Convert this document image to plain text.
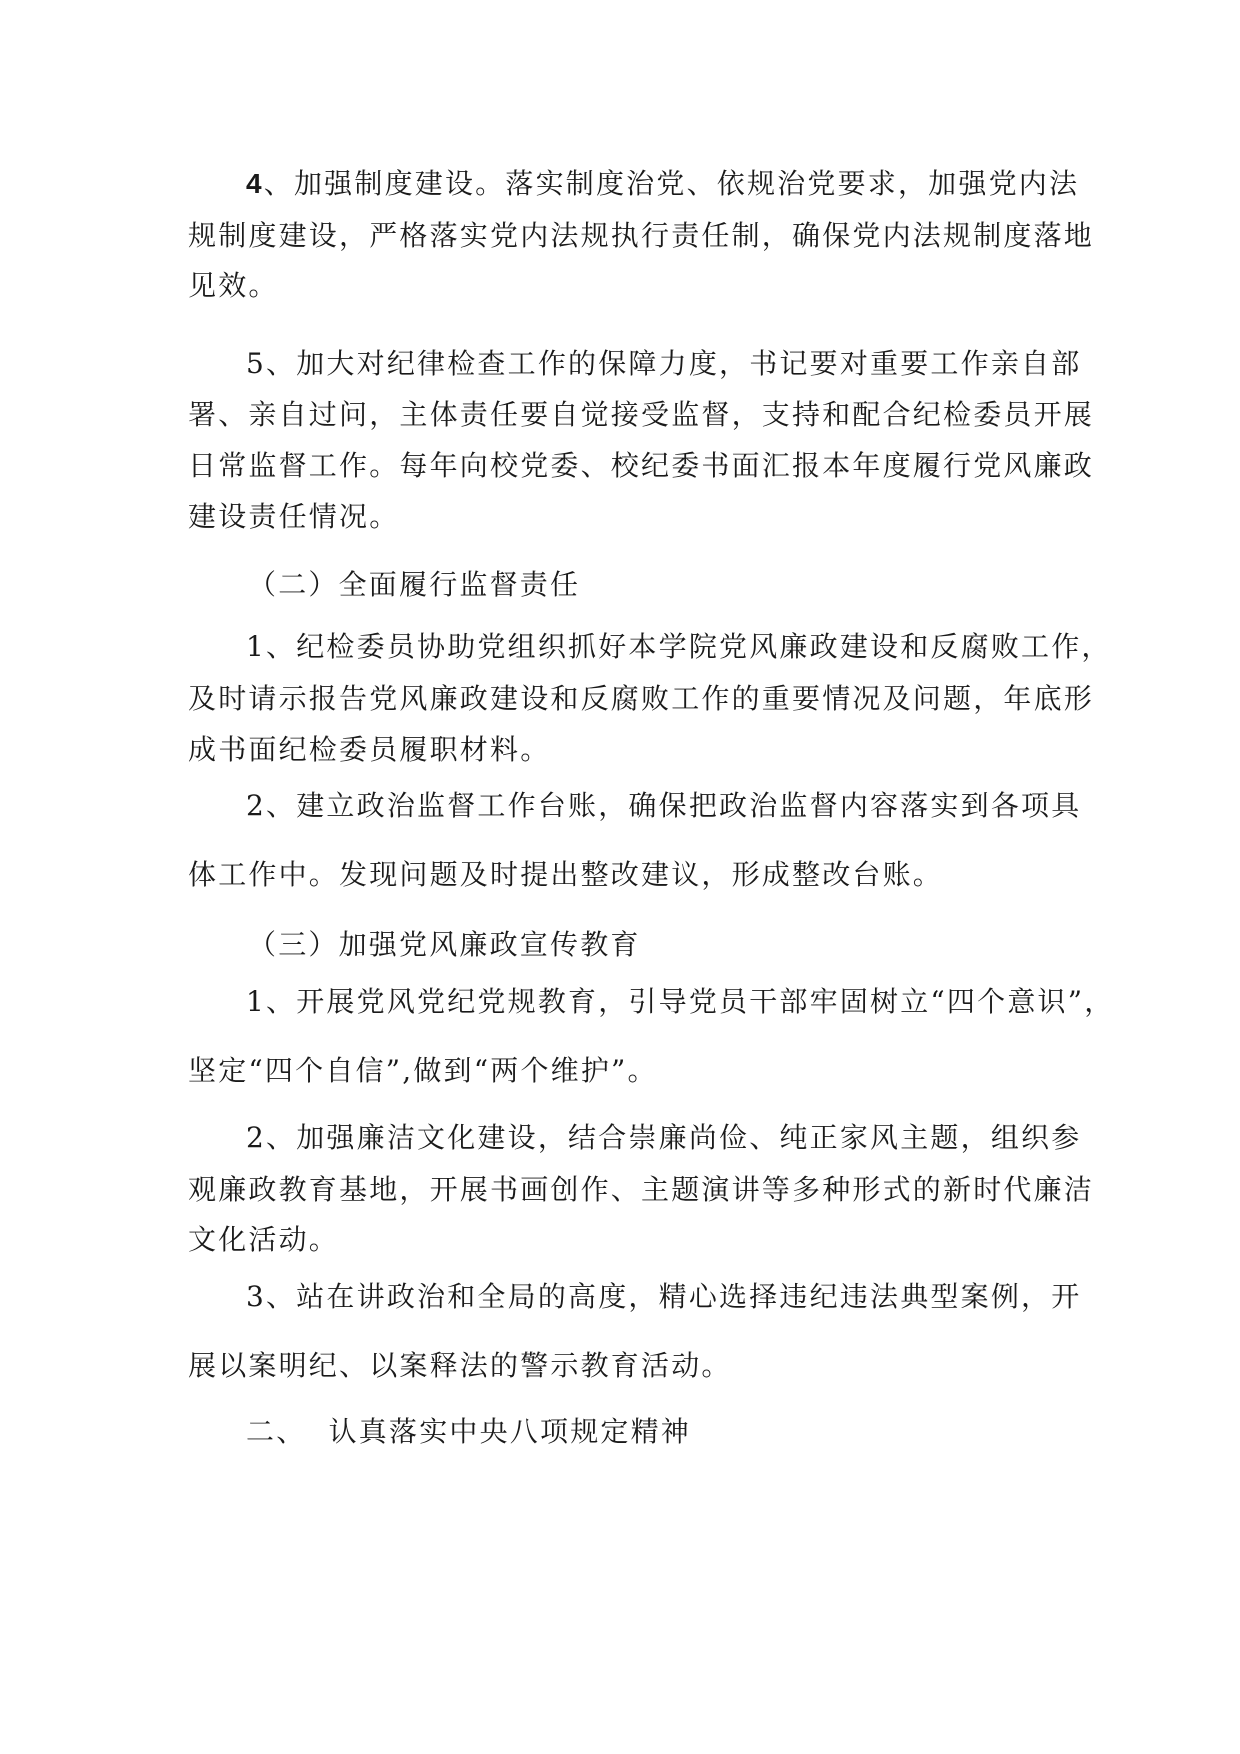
4、加强制度建设。落实制度治党、依规治党要求，加强党内法
规制度建设，严格落实党内法规执行责任制，确保党内法规制度落地
见效。
5、加大对纪律检查工作的保障力度，书记要对重要工作亲自部
署、亲自过问，主体责任要自觉接受监督，支持和配合纪检委员开展
日常监督工作。每年向校党委、校纪委书面汇报本年度履行党风廉政
建设责任情况。
（二）全面履行监督责任
1、纪检委员协助党组织抓好本学院党风廉政建设和反腐败工作，
及时请示报告党风廉政建设和反腐败工作的重要情况及问题，年底形
成书面纪检委员履职材料。
2、建立政治监督工作台账，确保把政治监督内容落实到各项具
体工作中。发现问题及时提出整改建议，形成整改台账。
（三）加强党风廉政宣传教育
1、开展党风党纪党规教育，引导党员干部牢固树立“四个意识”，
坚定“四个自信”,做到“两个维护”。
2、加强廉洁文化建设，结合崇廉尚俭、纯正家风主题，组织参
观廉政教育基地，开展书画创作、主题演讲等多种形式的新时代廉洁
文化活动。
3、站在讲政治和全局的高度，精心选择违纪违法典型案例，开
展以案明纪、以案释法的警示教育活动。
二、  认真落实中央八项规定精神
